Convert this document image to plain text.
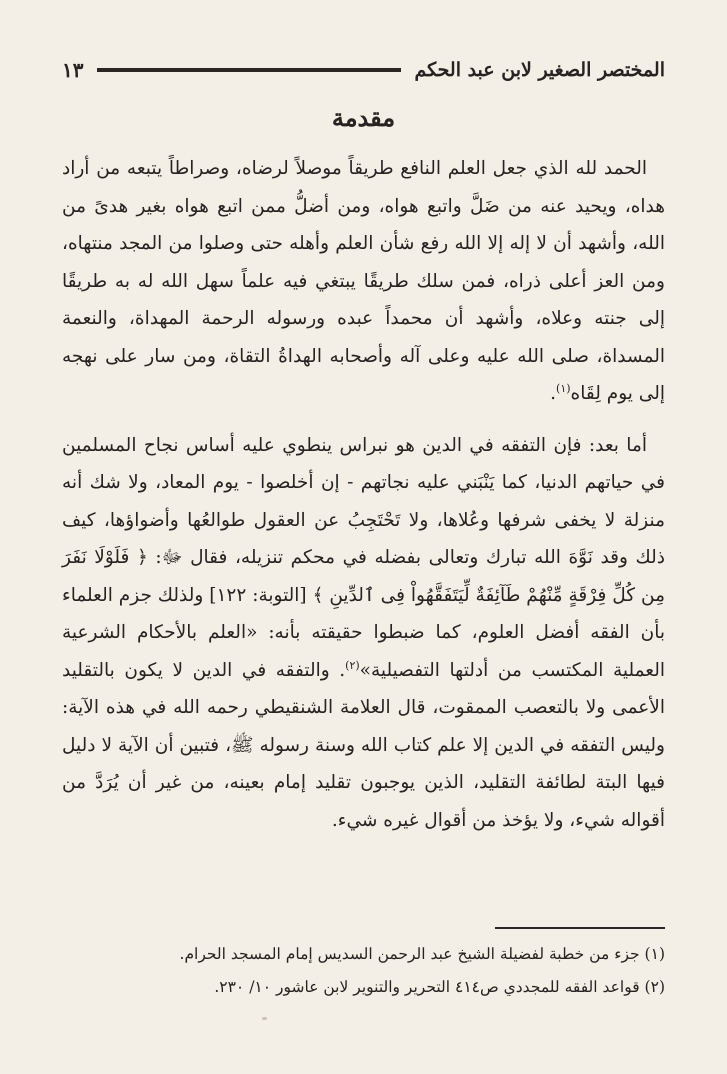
المختصر الصغير لابن عبد الحكم
١٣
مقدمة

الحمد لله الذي جعل العلم النافع طريقاً موصلاً لرضاه، وصراطاً يتبعه من أراد هداه، ويحيد عنه من ضَلَّ واتبع هواه، ومن أضلُّ ممن اتبع هواه بغير هدىً من الله، وأشهد أن لا إله إلا الله رفع شأن العلم وأهله حتى وصلوا من المجد منتهاه، ومن العز أعلى ذراه، فمن سلك طريقًا يبتغي فيه علماً سهل الله له به طريقًا إلى جنته وعلاه، وأشهد أن محمداً عبده ورسوله الرحمة المهداة، والنعمة المسداة، صلى الله عليه وعلى آله وأصحابه الهداةُ التقاة، ومن سار على نهجه إلى يوم لِقَاه$^{(١)}$.

أما بعد: فإن التفقه في الدين هو نبراس ينطوي عليه أساس نجاح المسلمين في حياتهم الدنيا، كما يَنْبَني عليه نجاتهم - إن أخلصوا - يوم المعاد، ولا شك أنه منزلة لا يخفى شرفها وعُلاها، ولا تَحْتَجِبُ عن العقول طوالعُها وأضواؤها، كيف ذلك وقد نَوَّهَ الله تبارك وتعالى بفضله في محكم تنزيله، فقال ﷻ: ﴿ فَلَوْلَا نَفَرَ مِن كُلِّ فِرْقَةٍ مِّنْهُمْ طَآئِفَةٌ لِّيَتَفَقَّهُواْ فِى ٱلدِّينِ ﴾ [التوبة: ١٢٢] ولذلك جزم العلماء بأن الفقه أفضل العلوم، كما ضبطوا حقيقته بأنه: «العلم بالأحكام الشرعية العملية المكتسب من أدلتها التفصيلية»$^{(٢)}$. والتفقه في الدين لا يكون بالتقليد الأعمى ولا بالتعصب الممقوت، قال العلامة الشنقيطي رحمه الله في هذه الآية: وليس التفقه في الدين إلا علم كتاب الله وسنة رسوله ﷺ، فتبين أن الآية لا دليل فيها البتة لطائفة التقليد، الذين يوجبون تقليد إمام بعينه، من غير أن يُرَدَّ من أقواله شيء، ولا يؤخذ من أقوال غيره شيء.

(١) جزء من خطبة لفضيلة الشيخ عبد الرحمن السديس إمام المسجد الحرام.

(٢) قواعد الفقه للمجددي ص٤١٤ التحرير والتنوير لابن عاشور ١٠/ ٢٣٠.
